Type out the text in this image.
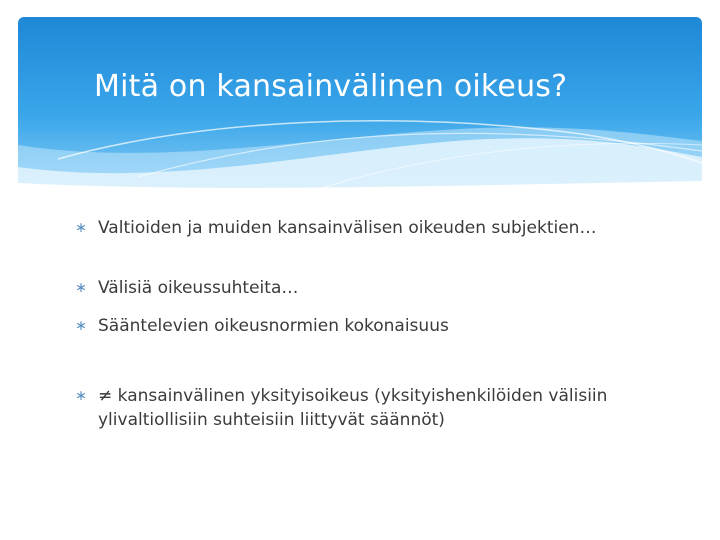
Mitä on kansainvälinen oikeus?
∗ Valtioiden ja muiden kansainvälisen oikeuden subjektien…
∗ Välisiä oikeussuhteita…
∗ Sääntelevien oikeusnormien kokonaisuus
∗ ≠ kansainvälinen yksityisoikeus (yksityishenkilöiden välisiin ylivaltiollisiin suhteisiin liittyvät säännöt)
